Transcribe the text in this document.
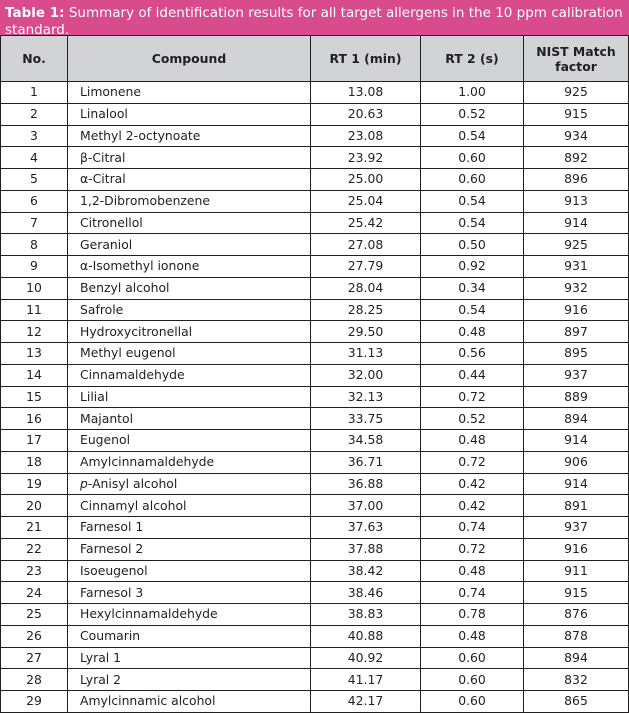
Table 1: Summary of identification results for all target allergens in the 10 ppm calibration standard.
No.	Compound	RT 1 (min)	RT 2 (s)	NIST Match
factor
1	Limonene	13.08	1.00	925
2	Linalool	20.63	0.52	915
3	Methyl 2-octynoate	23.08	0.54	934
4	β-Citral	23.92	0.60	892
5	α-Citral	25.00	0.60	896
6	1,2-Dibromobenzene	25.04	0.54	913
7	Citronellol	25.42	0.54	914
8	Geraniol	27.08	0.50	925
9	α-Isomethyl ionone	27.79	0.92	931
10	Benzyl alcohol	28.04	0.34	932
11	Safrole	28.25	0.54	916
12	Hydroxycitronellal	29.50	0.48	897
13	Methyl eugenol	31.13	0.56	895
14	Cinnamaldehyde	32.00	0.44	937
15	Lilial	32.13	0.72	889
16	Majantol	33.75	0.52	894
17	Eugenol	34.58	0.48	914
18	Amylcinnamaldehyde	36.71	0.72	906
19	p-Anisyl alcohol	36.88	0.42	914
20	Cinnamyl alcohol	37.00	0.42	891
21	Farnesol 1	37.63	0.74	937
22	Farnesol 2	37.88	0.72	916
23	Isoeugenol	38.42	0.48	911
24	Farnesol 3	38.46	0.74	915
25	Hexylcinnamaldehyde	38.83	0.78	876
26	Coumarin	40.88	0.48	878
27	Lyral 1	40.92	0.60	894
28	Lyral 2	41.17	0.60	832
29	Amylcinnamic alcohol	42.17	0.60	865
